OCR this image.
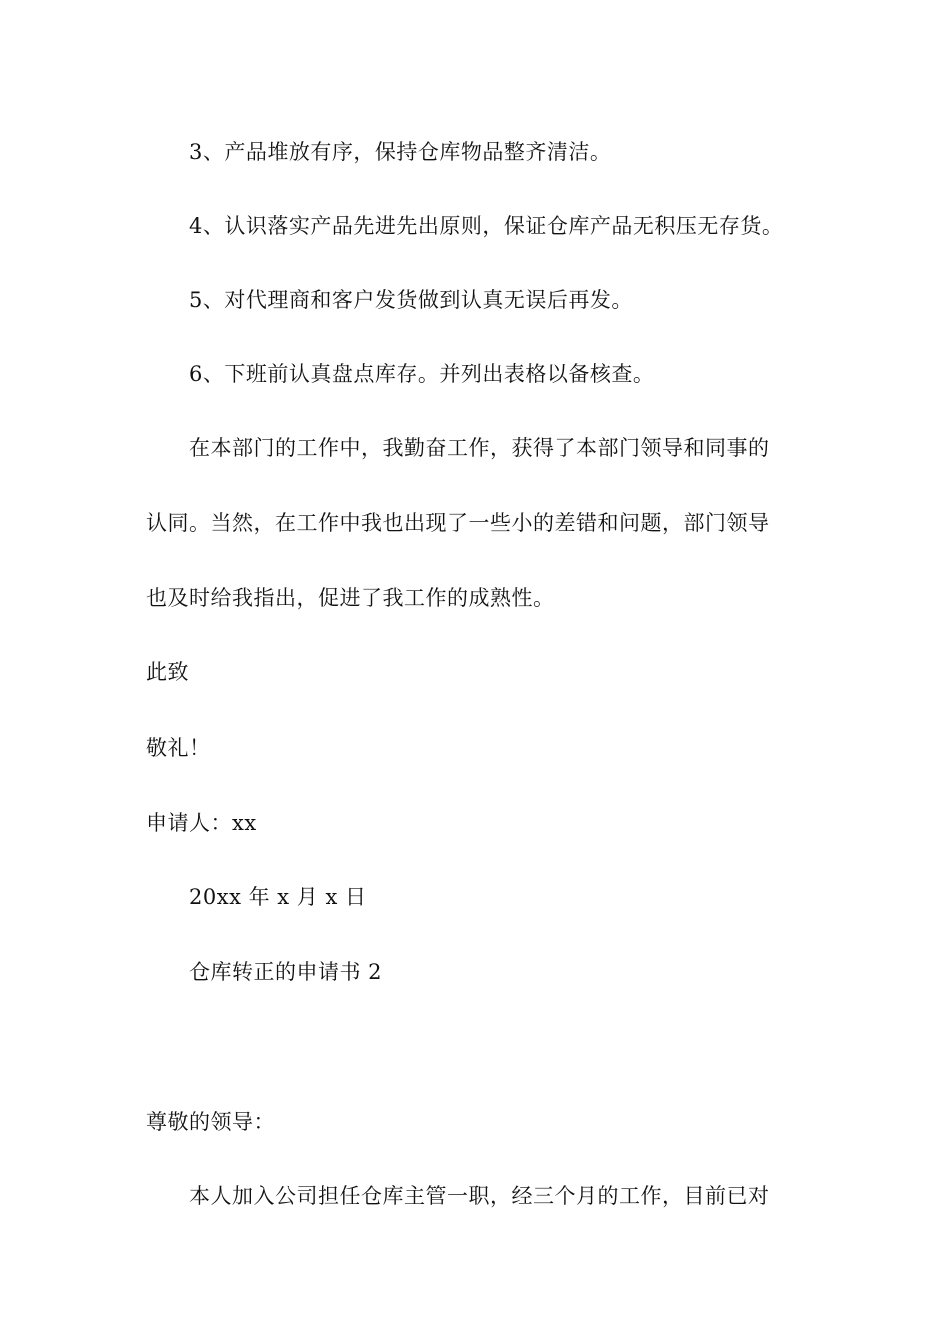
3、产品堆放有序，保持仓库物品整齐清洁。
4、认识落实产品先进先出原则，保证仓库产品无积压无存货。
5、对代理商和客户发货做到认真无误后再发。
6、下班前认真盘点库存。并列出表格以备核查。
在本部门的工作中，我勤奋工作，获得了本部门领导和同事的
认同。当然，在工作中我也出现了一些小的差错和问题，部门领导
也及时给我指出，促进了我工作的成熟性。
此致
敬礼！
申请人：xx
20xx 年 x 月 x 日
仓库转正的申请书 2
尊敬的领导：
本人加入公司担任仓库主管一职，经三个月的工作，目前已对
